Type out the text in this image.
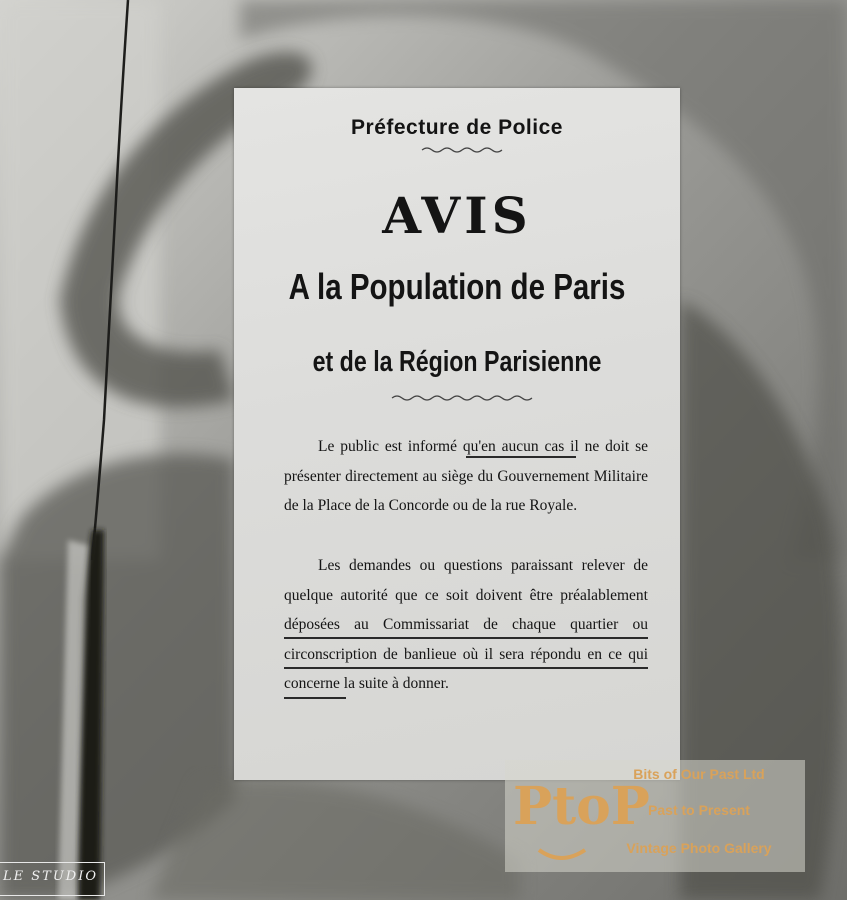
Préfecture de Police
AVIS
A la Population de Paris
et de la Région Parisienne
Le public est informé qu'en aucun cas il ne doit se présenter directement au siège du Gouvernement Militaire de la Place de la Concorde ou de la rue Royale.
Les demandes ou questions paraissant relever de quelque autorité que ce soit doivent être préalablement déposées au Commissariat de chaque quartier ou circonscription de banlieue où il sera répondu en ce qui concerne la suite à donner.
PtoP
Bits of Our Past Ltd
Past to Present
Vintage Photo Gallery
LE STUDIO
